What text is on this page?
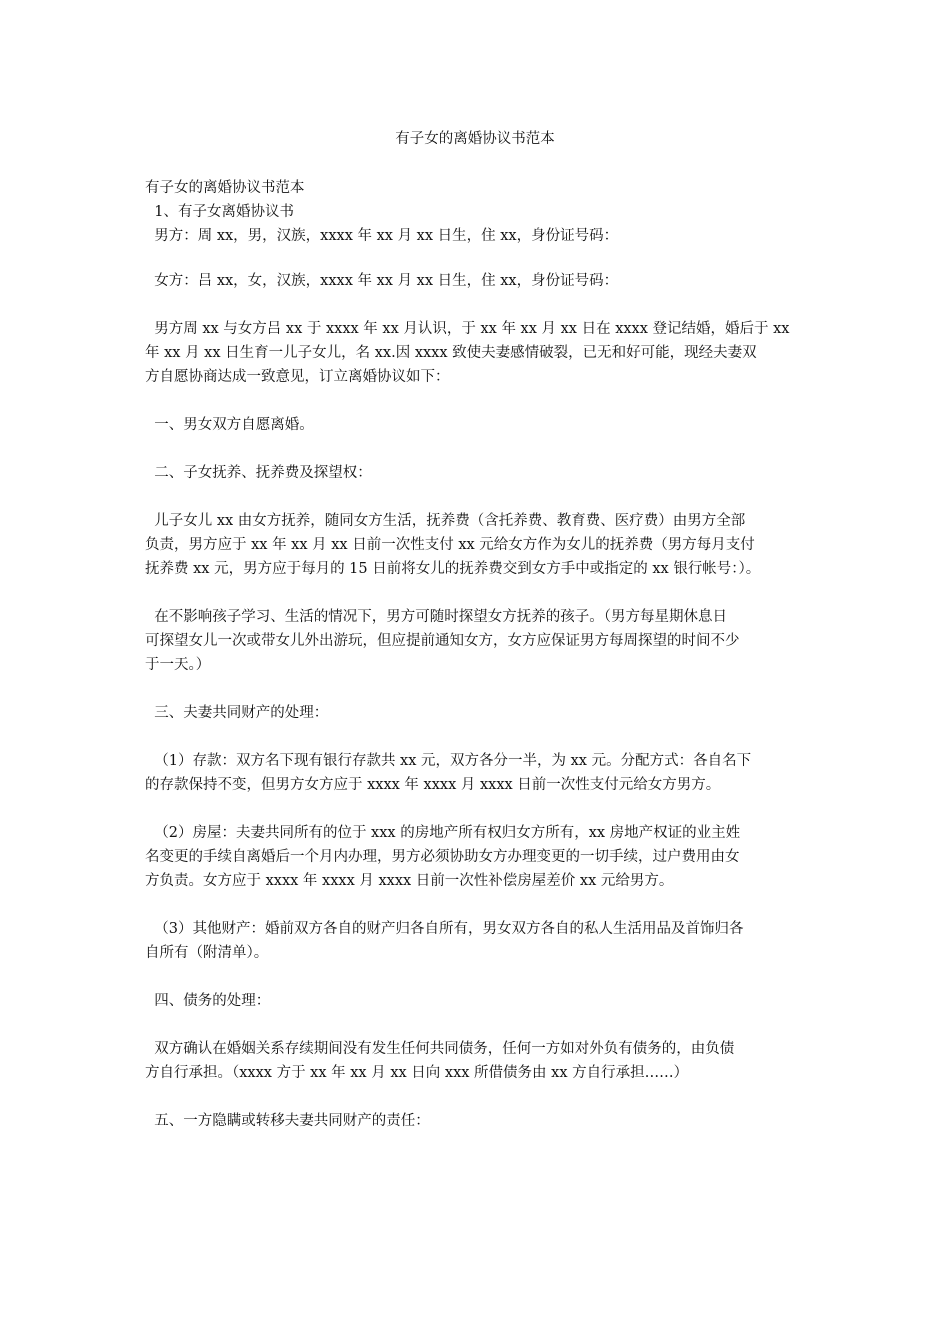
有子女的离婚协议书范本
有子女的离婚协议书范本
1、有子女离婚协议书
男方：周 xx，男，汉族，xxxx 年 xx 月 xx 日生，住 xx，身份证号码：
女方：吕 xx，女，汉族，xxxx 年 xx 月 xx 日生，住 xx，身份证号码：
男方周 xx 与女方吕 xx 于 xxxx 年 xx 月认识，于 xx 年 xx 月 xx 日在 xxxx 登记结婚，婚后于 xx
年 xx 月 xx 日生育一儿子女儿，名 xx.因 xxxx 致使夫妻感情破裂，已无和好可能，现经夫妻双
方自愿协商达成一致意见，订立离婚协议如下：
一、男女双方自愿离婚。
二、子女抚养、抚养费及探望权：
儿子女儿 xx 由女方抚养，随同女方生活，抚养费（含托养费、教育费、医疗费）由男方全部
负责，男方应于 xx 年 xx 月 xx 日前一次性支付 xx 元给女方作为女儿的抚养费（男方每月支付
抚养费 xx 元，男方应于每月的 15 日前将女儿的抚养费交到女方手中或指定的 xx 银行帐号：）。
在不影响孩子学习、生活的情况下，男方可随时探望女方抚养的孩子。（男方每星期休息日
可探望女儿一次或带女儿外出游玩，但应提前通知女方，女方应保证男方每周探望的时间不少
于一天。）
三、夫妻共同财产的处理：
（1）存款：双方名下现有银行存款共 xx 元，双方各分一半，为 xx 元。分配方式：各自名下
的存款保持不变，但男方女方应于 xxxx 年 xxxx 月 xxxx 日前一次性支付元给女方男方。
（2）房屋：夫妻共同所有的位于 xxx 的房地产所有权归女方所有，xx 房地产权证的业主姓
名变更的手续自离婚后一个月内办理，男方必须协助女方办理变更的一切手续，过户费用由女
方负责。女方应于 xxxx 年 xxxx 月 xxxx 日前一次性补偿房屋差价 xx 元给男方。
（3）其他财产：婚前双方各自的财产归各自所有，男女双方各自的私人生活用品及首饰归各
自所有（附清单）。
四、债务的处理：
双方确认在婚姻关系存续期间没有发生任何共同债务，任何一方如对外负有债务的，由负债
方自行承担。（xxxx 方于 xx 年 xx 月 xx 日向 xxx 所借债务由 xx 方自行承担……）
五、一方隐瞒或转移夫妻共同财产的责任：
